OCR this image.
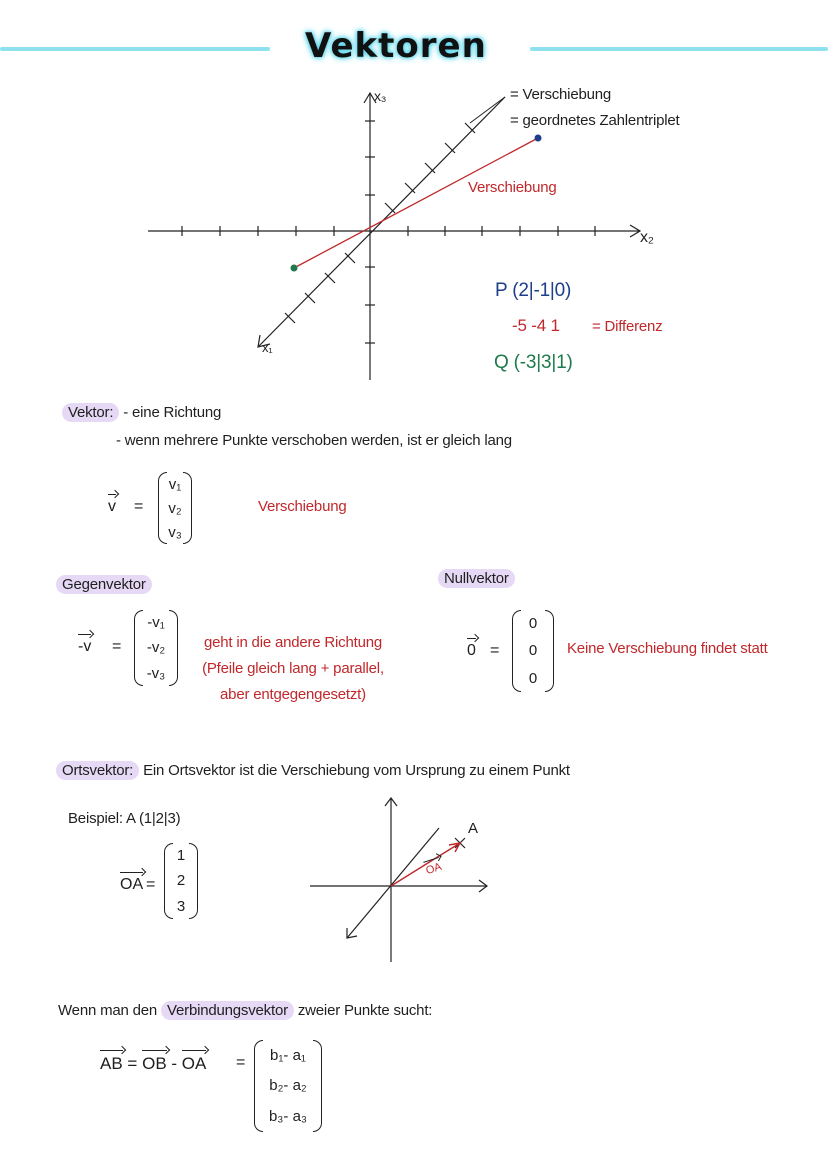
Vektoren
x₃
x₂
x₁
= Verschiebung
= geordnetes Zahlentriplet
Verschiebung
P (2|-1|0)
-5 -4 1 = Differenz
Q (-3|3|1)
Vektor: - eine Richtung
- wenn mehrere Punkte verschoben werden, ist er gleich lang
v =
v₁
v₂
v₃
Verschiebung
Gegenvektor
-v =
-v₁
-v₂
-v₃
geht in die andere Richtung
(Pfeile gleich lang + parallel,
aber entgegengesetzt)
Nullvektor
0 =
0
0
0
Keine Verschiebung findet statt
Ortsvektor: Ein Ortsvektor ist die Verschiebung vom Ursprung zu einem Punkt
Beispiel: A (1|2|3)
OA =
1
2
3
A
OA
Wenn man den Verbindungsvektor zweier Punkte sucht:
AB = OB - OA = b₁- a₁
b₂- a₂
b₃- a₃
